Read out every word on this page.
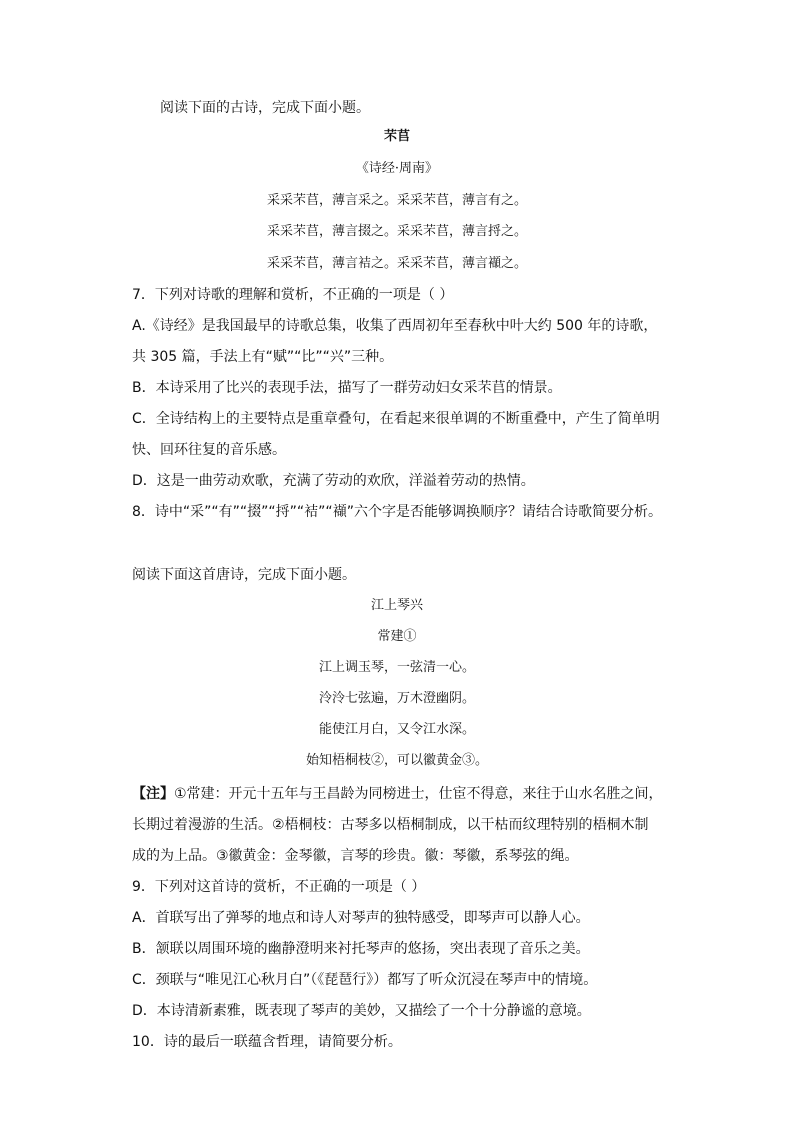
阅读下面的古诗，完成下面小题。
芣苢
《诗经·周南》
采采芣苢，薄言采之。采采芣苢，薄言有之。
采采芣苢，薄言掇之。采采芣苢，薄言捋之。
采采芣苢，薄言袺之。采采芣苢，薄言襭之。
7．下列对诗歌的理解和赏析，不正确的一项是（ ）
A.《诗经》是我国最早的诗歌总集，收集了西周初年至春秋中叶大约 500 年的诗歌，
共 305 篇，手法上有“赋”“比”“兴”三种。
B．本诗采用了比兴的表现手法，描写了一群劳动妇女采芣苢的情景。
C．全诗结构上的主要特点是重章叠句，在看起来很单调的不断重叠中，产生了简单明
快、回环往复的音乐感。
D．这是一曲劳动欢歌，充满了劳动的欢欣，洋溢着劳动的热情。
8．诗中“采”“有”“掇”“捋”“袺”“襭”六个字是否能够调换顺序？请结合诗歌简要分析。
阅读下面这首唐诗，完成下面小题。
江上琴兴
常建①
江上调玉琴，一弦清一心。
泠泠七弦遍，万木澄幽阴。
能使江月白，又令江水深。
始知梧桐枝②，可以徽黄金③。
【注】①常建：开元十五年与王昌龄为同榜进士，仕宦不得意，来往于山水名胜之间，
长期过着漫游的生活。②梧桐枝：古琴多以梧桐制成，以干枯而纹理特别的梧桐木制
成的为上品。③徽黄金：金琴徽，言琴的珍贵。徽：琴徽，系琴弦的绳。
9．下列对这首诗的赏析，不正确的一项是（ ）
A．首联写出了弹琴的地点和诗人对琴声的独特感受，即琴声可以静人心。
B．颔联以周围环境的幽静澄明来衬托琴声的悠扬，突出表现了音乐之美。
C．颈联与“唯见江心秋月白”（《琵琶行》）都写了听众沉浸在琴声中的情境。
D．本诗清新素雅，既表现了琴声的美妙，又描绘了一个十分静谧的意境。
10．诗的最后一联蕴含哲理，请简要分析。
